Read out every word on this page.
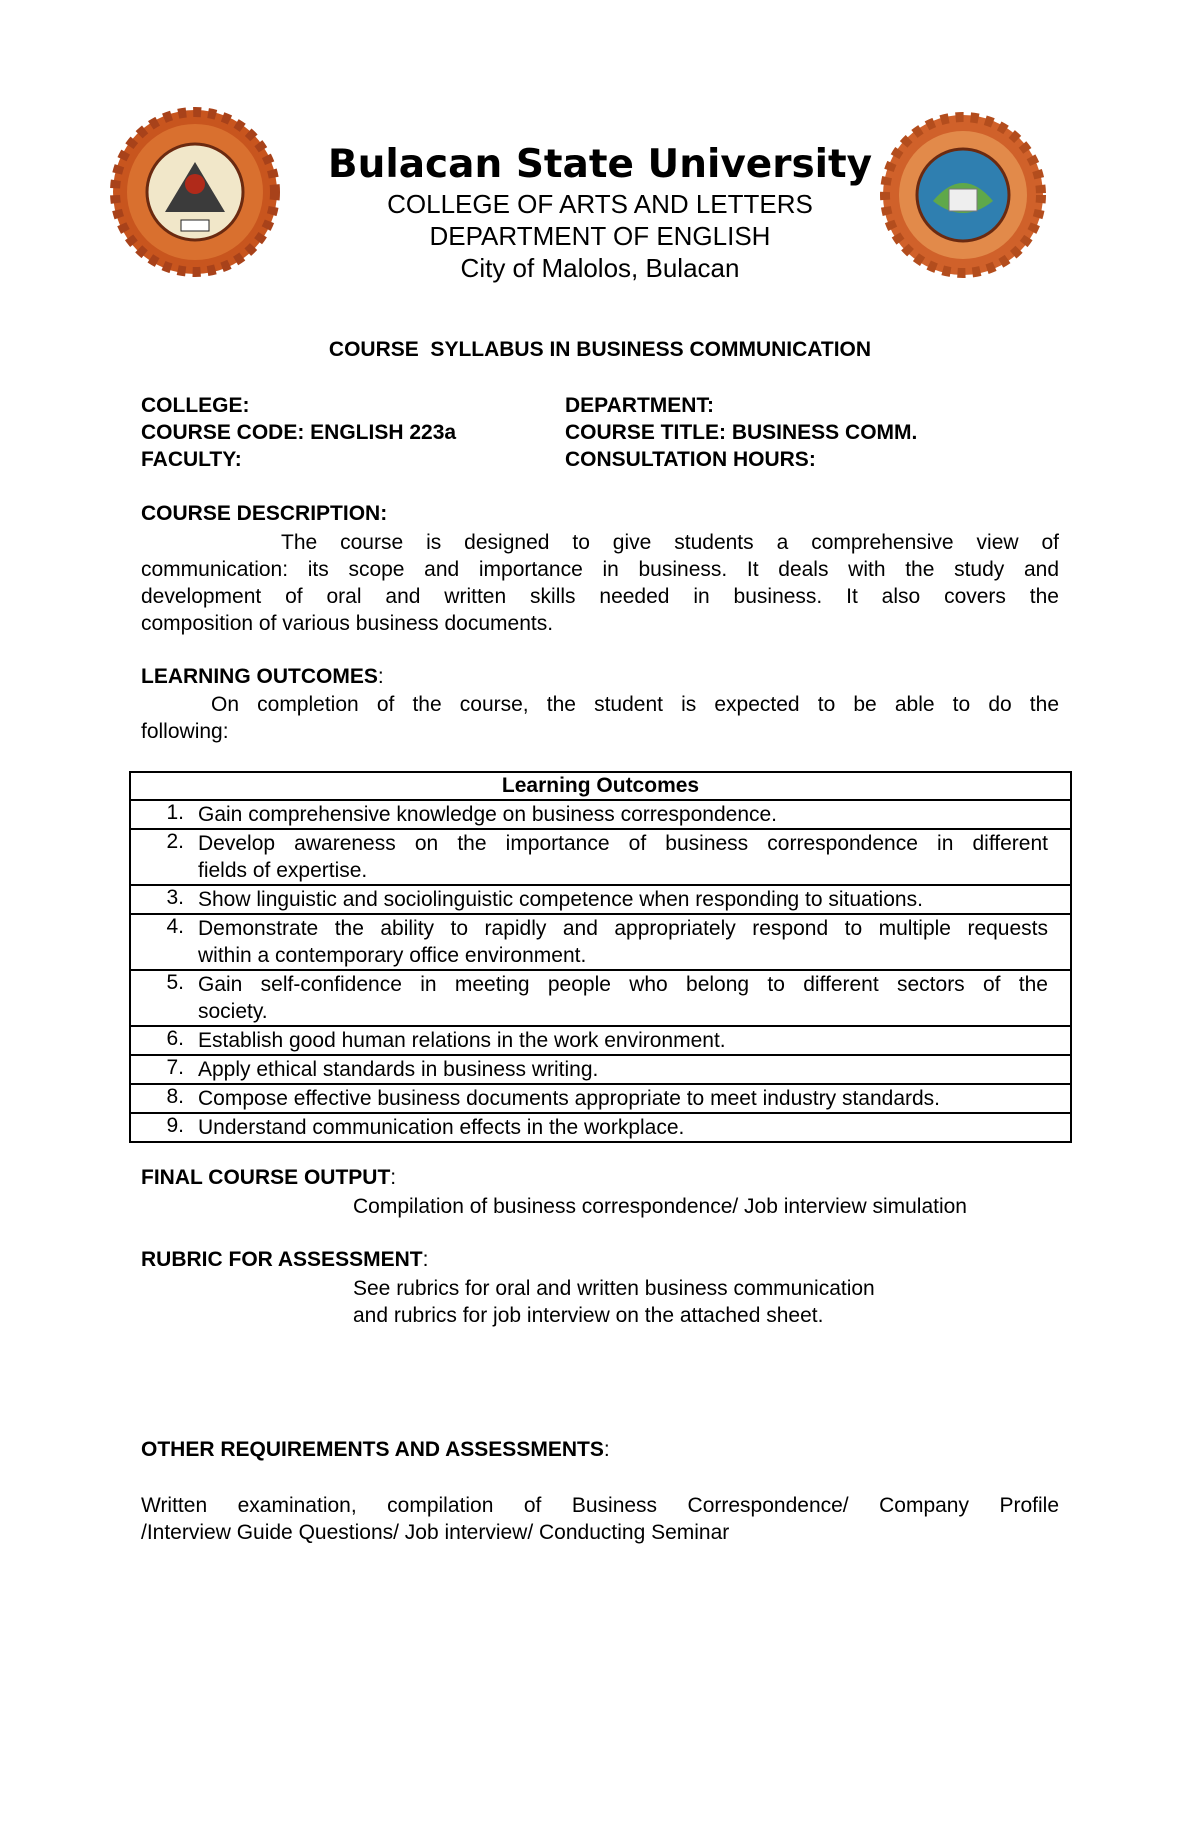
Bulacan State University
COLLEGE OF ARTS AND LETTERS
DEPARTMENT OF ENGLISH
City of Malolos, Bulacan
COURSE  SYLLABUS IN BUSINESS COMMUNICATION
COLLEGE:	DEPARTMENT:
COURSE CODE: ENGLISH 223a	COURSE TITLE: BUSINESS COMM.
FACULTY:	CONSULTATION HOURS:
COURSE DESCRIPTION:
The course is designed to give students a comprehensive view of
communication: its scope and importance in business. It deals with the study and
development of oral and written skills needed in business. It also covers the
composition of various business documents.
LEARNING OUTCOMES:
On completion of the course, the student is expected to be able to do the
following:
Learning Outcomes

1. Gain comprehensive knowledge on business correspondence.

2. Develop awareness on the importance of business correspondence in different
fields of expertise.

3. Show linguistic and sociolinguistic competence when responding to situations.

4. Demonstrate the ability to rapidly and appropriately respond to multiple requests
within a contemporary office environment.

5. Gain self-confidence in meeting people who belong to different sectors of the
society.

6. Establish good human relations in the work environment.

7. Apply ethical standards in business writing.

8. Compose effective business documents appropriate to meet industry standards.

9. Understand communication effects in the workplace.
FINAL COURSE OUTPUT:
Compilation of business correspondence/ Job interview simulation
RUBRIC FOR ASSESSMENT:
See rubrics for oral and written business communication
and rubrics for job interview on the attached sheet.
OTHER REQUIREMENTS AND ASSESSMENTS:
Written examination, compilation of Business Correspondence/ Company Profile
/Interview Guide Questions/ Job interview/ Conducting Seminar
